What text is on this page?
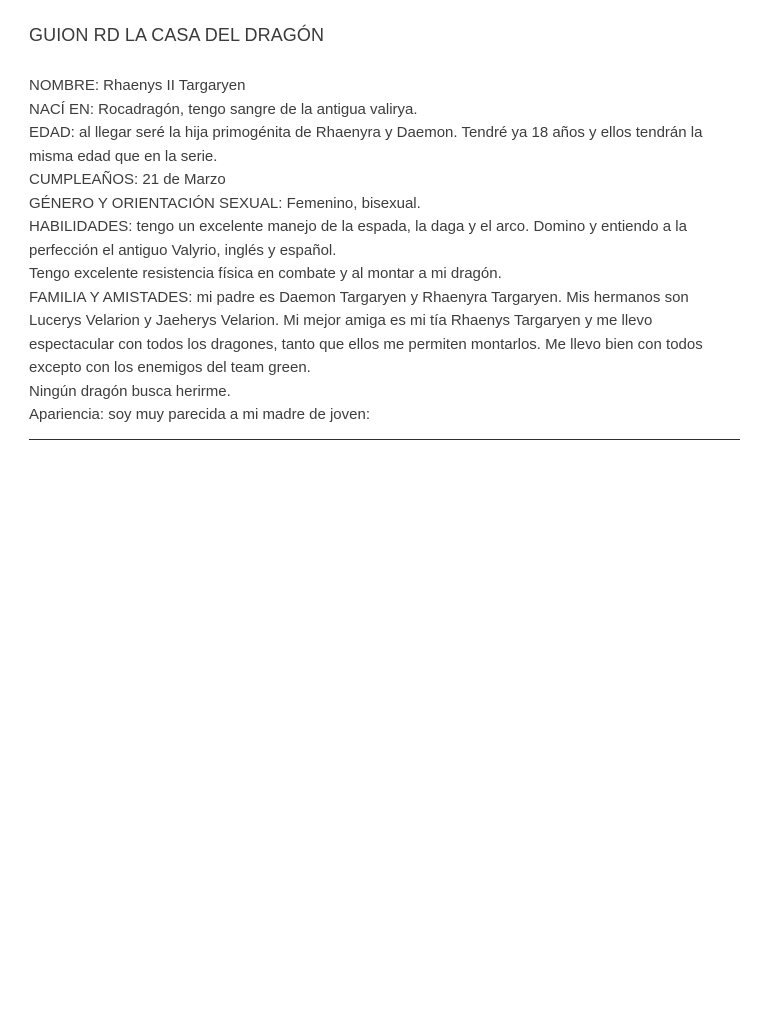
GUION RD LA CASA DEL DRAGÓN

NOMBRE: Rhaenys II Targaryen

NACÍ EN: Rocadragón, tengo sangre de la antigua valirya.

EDAD: al llegar seré la hija primogénita de Rhaenyra y Daemon. Tendré ya 18 años y ellos tendrán la misma edad que en la serie.

CUMPLEAÑOS: 21 de Marzo

GÉNERO Y ORIENTACIÓN SEXUAL: Femenino, bisexual.

HABILIDADES: tengo un excelente manejo de la espada, la daga y el arco. Domino y entiendo a la perfección el antiguo Valyrio, inglés y español.

Tengo excelente resistencia física en combate y al montar a mi dragón.

FAMILIA Y AMISTADES: mi padre es Daemon Targaryen y Rhaenyra Targaryen. Mis hermanos son Lucerys Velarion y Jaeherys Velarion. Mi mejor amiga es mi tía Rhaenys Targaryen y me llevo espectacular con todos los dragones, tanto que ellos me permiten montarlos. Me llevo bien con todos excepto con los enemigos del team green.

Ningún dragón busca herirme.

Apariencia: soy muy parecida a mi madre de joven:
